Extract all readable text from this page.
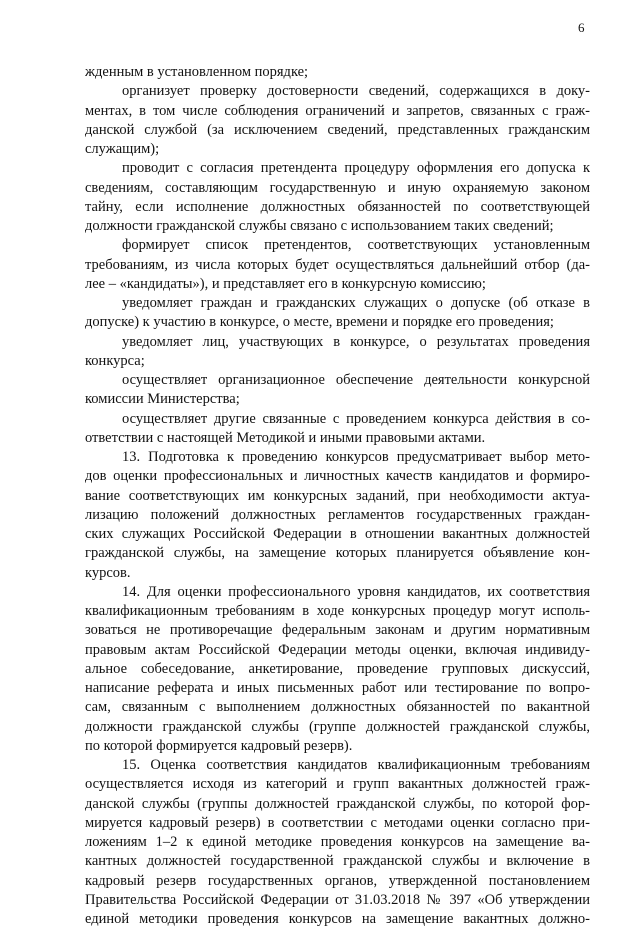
6
жденным в установленном порядке;
организует проверку достоверности сведений, содержащихся в доку-
ментах, в том числе соблюдения ограничений и запретов, связанных с граж-
данской службой (за исключением сведений, представленных гражданским
служащим);
проводит с согласия претендента процедуру оформления его допуска к
сведениям, составляющим государственную и иную охраняемую законом
тайну, если исполнение должностных обязанностей по соответствующей
должности гражданской службы связано с использованием таких сведений;
формирует список претендентов, соответствующих установленным
требованиям, из числа которых будет осуществляться дальнейший отбор (да-
лее – «кандидаты»), и представляет его в конкурсную комиссию;
уведомляет граждан и гражданских служащих о допуске (об отказе в
допуске) к участию в конкурсе, о месте, времени и порядке его проведения;
уведомляет лиц, участвующих в конкурсе, о результатах проведения
конкурса;
осуществляет организационное обеспечение деятельности конкурсной
комиссии Министерства;
осуществляет другие связанные с проведением конкурса действия в со-
ответствии с настоящей Методикой и иными правовыми актами.
13. Подготовка к проведению конкурсов предусматривает выбор мето-
дов оценки профессиональных и личностных качеств кандидатов и формиро-
вание соответствующих им конкурсных заданий, при необходимости актуа-
лизацию положений должностных регламентов государственных граждан-
ских служащих Российской Федерации в отношении вакантных должностей
гражданской службы, на замещение которых планируется объявление кон-
курсов.
14. Для оценки профессионального уровня кандидатов, их соответствия
квалификационным требованиям в ходе конкурсных процедур могут исполь-
зоваться не противоречащие федеральным законам и другим нормативным
правовым актам Российской Федерации методы оценки, включая индивиду-
альное собеседование, анкетирование, проведение групповых дискуссий,
написание реферата и иных письменных работ или тестирование по вопро-
сам, связанным с выполнением должностных обязанностей по вакантной
должности гражданской службы (группе должностей гражданской службы,
по которой формируется кадровый резерв).
15. Оценка соответствия кандидатов квалификационным требованиям
осуществляется исходя из категорий и групп вакантных должностей граж-
данской службы (группы должностей гражданской службы, по которой фор-
мируется кадровый резерв) в соответствии с методами оценки согласно при-
ложениям 1–2 к единой методике проведения конкурсов на замещение ва-
кантных должностей государственной гражданской службы и включение в
кадровый резерв государственных органов, утвержденной постановлением
Правительства Российской Федерации от 31.03.2018 № 397 «Об утверждении
единой методики проведения конкурсов на замещение вакантных должно-
